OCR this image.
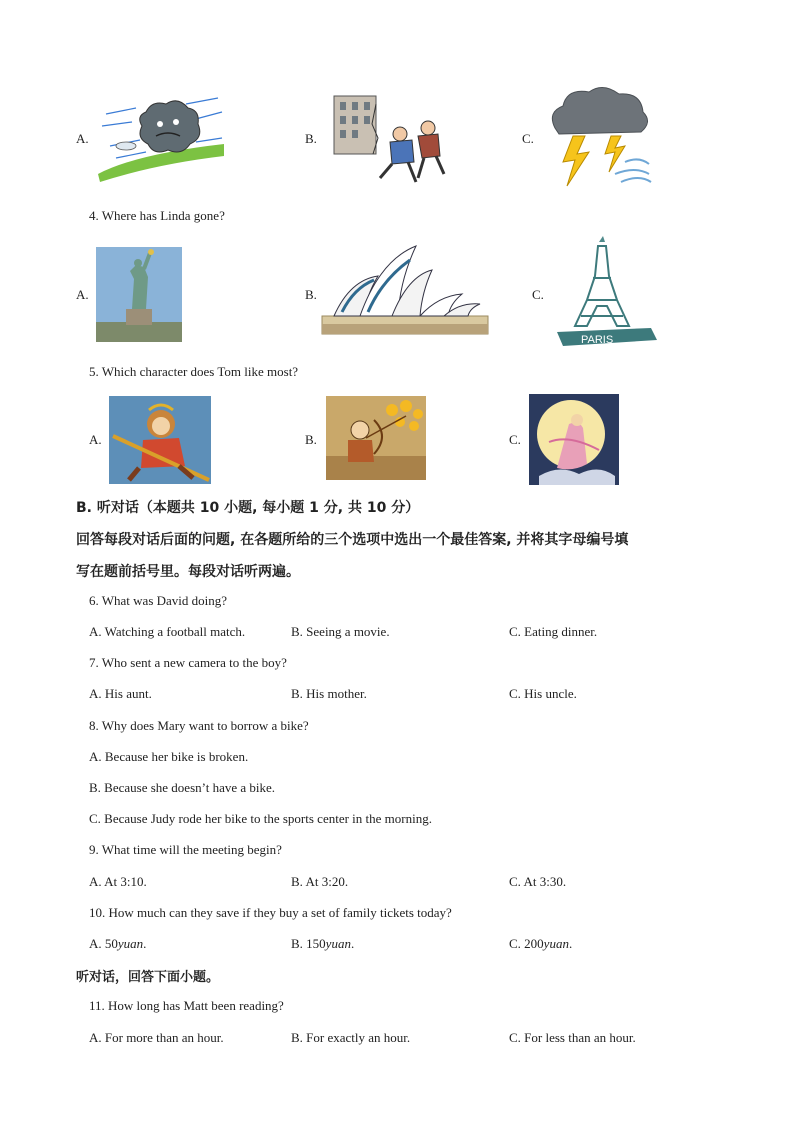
A.	B.	C.
4. Where has Linda gone?
A.	B.	C.
PARIS
5. Which character does Tom like most?
A.	B.	C.
B. 听对话（本题共 10 小题, 每小题 1 分, 共 10 分）
回答每段对话后面的问题, 在各题所给的三个选项中选出一个最佳答案, 并将其字母编号填
写在题前括号里。每段对话听两遍。
6. What was David doing?
A. Watching a football match.	B. Seeing a movie.	C. Eating dinner.
7. Who sent a new camera to the boy?
A. His aunt.	B. His mother.	C. His uncle.
8. Why does Mary want to borrow a bike?
A. Because her bike is broken.
B. Because she doesn’t have a bike.
C. Because Judy rode her bike to the sports center in the morning.
9. What time will the meeting begin?
A. At 3:10.	B. At 3:20.	C. At 3:30.
10. How much can they save if they buy a set of family tickets today?
A. 50yuan.	B. 150yuan.	C. 200yuan.
听对话，回答下面小题。
11. How long has Matt been reading?
A. For more than an hour.	B. For exactly an hour.	C. For less than an hour.
